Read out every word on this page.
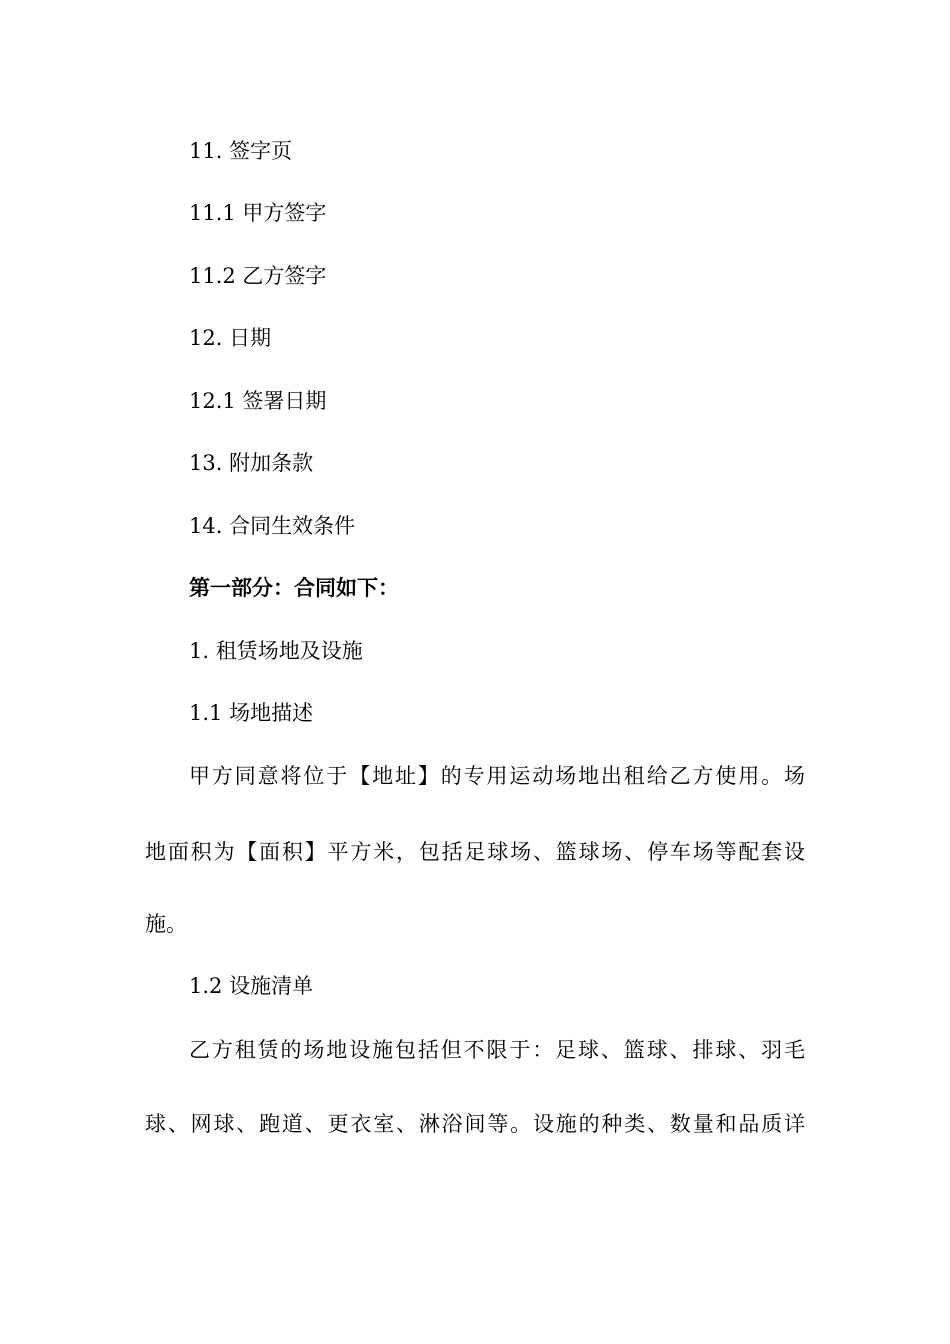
11. 签字页
11.1 甲方签字
11.2 乙方签字
12. 日期
12.1 签署日期
13. 附加条款
14. 合同生效条件
第一部分：合同如下：
1. 租赁场地及设施
1.1 场地描述
甲方同意将位于【地址】的专用运动场地出租给乙方使用。场
地面积为【面积】平方米，包括足球场、篮球场、停车场等配套设
施。
1.2 设施清单
乙方租赁的场地设施包括但不限于：足球、篮球、排球、羽毛
球、网球、跑道、更衣室、淋浴间等。设施的种类、数量和品质详
